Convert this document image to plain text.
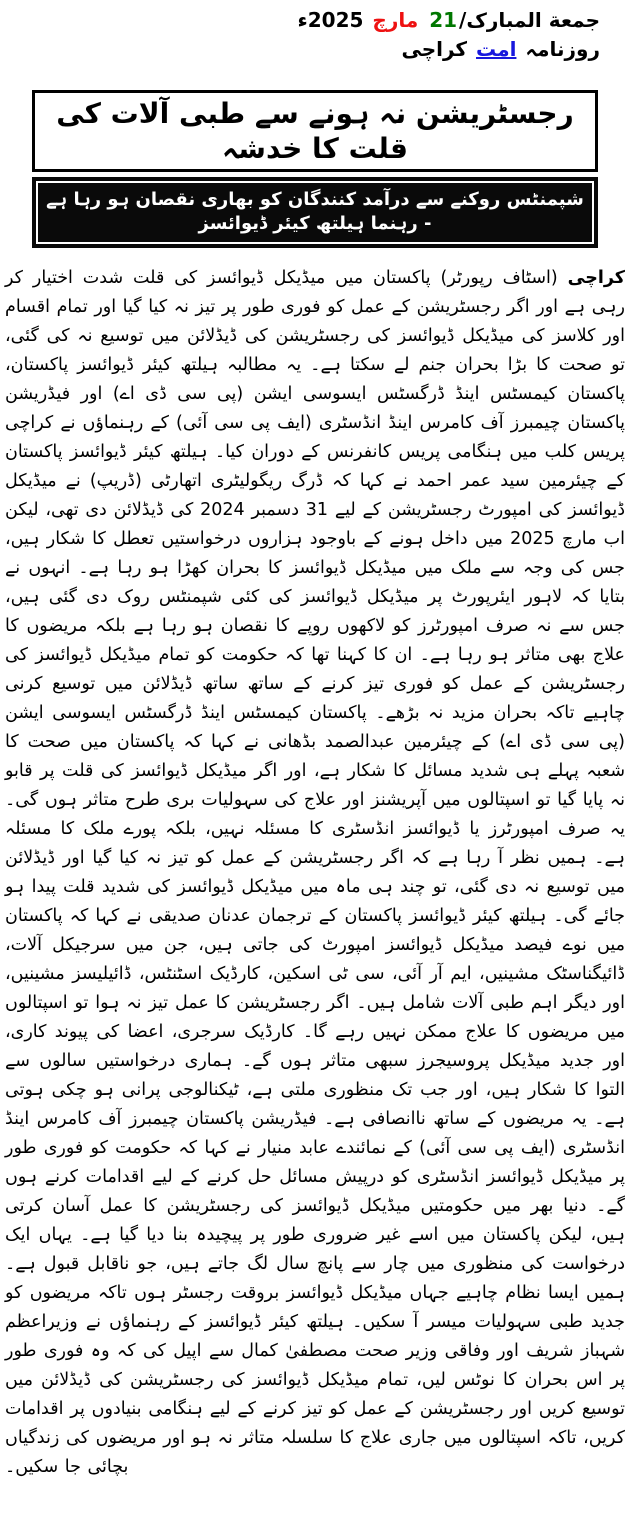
جمعة المبارک/21 مارچ 2025ء
روزنامہ امت کراچی
رجسٹریشن نہ ہونے سے طبی آلات کی قلت کا خدشہ

شپمنٹس روکنے سے درآمد کنندگان کو بھاری نقصان ہو رہا ہے - رہنما ہیلتھ کیئر ڈیوائسز

کراچی (اسٹاف رپورٹر) پاکستان میں میڈیکل ڈیوائسز کی قلت شدت اختیار کر رہی ہے اور اگر رجسٹریشن کے عمل کو فوری طور پر تیز نہ کیا گیا اور تمام اقسام اور کلاسز کی میڈیکل ڈیوائسز کی رجسٹریشن کی ڈیڈلائن میں توسیع نہ کی گئی، تو صحت کا بڑا بحران جنم لے سکتا ہے۔ یہ مطالبہ ہیلتھ کیئر ڈیوائسز پاکستان، پاکستان کیمسٹس اینڈ ڈرگسٹس ایسوسی ایشن (پی سی ڈی اے) اور فیڈریشن پاکستان چیمبرز آف کامرس اینڈ انڈسٹری (ایف پی سی آئی) کے رہنماؤں نے کراچی پریس کلب میں ہنگامی پریس کانفرنس کے دوران کیا۔ ہیلتھ کیئر ڈیوائسز پاکستان کے چیئرمین سید عمر احمد نے کہا کہ ڈرگ ریگولیٹری اتھارٹی (ڈریپ) نے میڈیکل ڈیوائسز کی امپورٹ رجسٹریشن کے لیے 31 دسمبر 2024 کی ڈیڈلائن دی تھی، لیکن اب مارچ 2025 میں داخل ہونے کے باوجود ہزاروں درخواستیں تعطل کا شکار ہیں، جس کی وجہ سے ملک میں میڈیکل ڈیوائسز کا بحران کھڑا ہو رہا ہے۔ انہوں نے بتایا کہ لاہور ایئرپورٹ پر میڈیکل ڈیوائسز کی کئی شپمنٹس روک دی گئی ہیں، جس سے نہ صرف امپورٹرز کو لاکھوں روپے کا نقصان ہو رہا ہے بلکہ مریضوں کا علاج بھی متاثر ہو رہا ہے۔ ان کا کہنا تھا کہ حکومت کو تمام میڈیکل ڈیوائسز کی رجسٹریشن کے عمل کو فوری تیز کرنے کے ساتھ ساتھ ڈیڈلائن میں توسیع کرنی چاہیے تاکہ بحران مزید نہ بڑھے۔ پاکستان کیمسٹس اینڈ ڈرگسٹس ایسوسی ایشن (پی سی ڈی اے) کے چیئرمین عبدالصمد بڈھانی نے کہا کہ پاکستان میں صحت کا شعبہ پہلے ہی شدید مسائل کا شکار ہے، اور اگر میڈیکل ڈیوائسز کی قلت پر قابو نہ پایا گیا تو اسپتالوں میں آپریشنز اور علاج کی سہولیات بری طرح متاثر ہوں گی۔ یہ صرف امپورٹرز یا ڈیوائسز انڈسٹری کا مسئلہ نہیں، بلکہ پورے ملک کا مسئلہ ہے۔ ہمیں نظر آ رہا ہے کہ اگر رجسٹریشن کے عمل کو تیز نہ کیا گیا اور ڈیڈلائن میں توسیع نہ دی گئی، تو چند ہی ماہ میں میڈیکل ڈیوائسز کی شدید قلت پیدا ہو جائے گی۔ ہیلتھ کیئر ڈیوائسز پاکستان کے ترجمان عدنان صدیقی نے کہا کہ پاکستان میں نوے فیصد میڈیکل ڈیوائسز امپورٹ کی جاتی ہیں، جن میں سرجیکل آلات، ڈائیگناسٹک مشینیں، ایم آر آئی، سی ٹی اسکین، کارڈیک اسٹنٹس، ڈائیلیسز مشینیں، اور دیگر اہم طبی آلات شامل ہیں۔ اگر رجسٹریشن کا عمل تیز نہ ہوا تو اسپتالوں میں مریضوں کا علاج ممکن نہیں رہے گا۔ کارڈیک سرجری، اعضا کی پیوند کاری، اور جدید میڈیکل پروسیجرز سبھی متاثر ہوں گے۔ ہماری درخواستیں سالوں سے التوا کا شکار ہیں، اور جب تک منظوری ملتی ہے، ٹیکنالوجی پرانی ہو چکی ہوتی ہے۔ یہ مریضوں کے ساتھ ناانصافی ہے۔ فیڈریشن پاکستان چیمبرز آف کامرس اینڈ انڈسٹری (ایف پی سی آئی) کے نمائندے عابد منیار نے کہا کہ حکومت کو فوری طور پر میڈیکل ڈیوائسز انڈسٹری کو درپیش مسائل حل کرنے کے لیے اقدامات کرنے ہوں گے۔ دنیا بھر میں حکومتیں میڈیکل ڈیوائسز کی رجسٹریشن کا عمل آسان کرتی ہیں، لیکن پاکستان میں اسے غیر ضروری طور پر پیچیدہ بنا دیا گیا ہے۔ یہاں ایک درخواست کی منظوری میں چار سے پانچ سال لگ جاتے ہیں، جو ناقابل قبول ہے۔ ہمیں ایسا نظام چاہیے جہاں میڈیکل ڈیوائسز بروقت رجسٹر ہوں تاکہ مریضوں کو جدید طبی سہولیات میسر آ سکیں۔ ہیلتھ کیئر ڈیوائسز کے رہنماؤں نے وزیراعظم شہباز شریف اور وفاقی وزیر صحت مصطفیٰ کمال سے اپیل کی کہ وہ فوری طور پر اس بحران کا نوٹس لیں، تمام میڈیکل ڈیوائسز کی رجسٹریشن کی ڈیڈلائن میں توسیع کریں اور رجسٹریشن کے عمل کو تیز کرنے کے لیے ہنگامی بنیادوں پر اقدامات کریں، تاکہ اسپتالوں میں جاری علاج کا سلسلہ متاثر نہ ہو اور مریضوں کی زندگیاں بچائی جا سکیں۔
